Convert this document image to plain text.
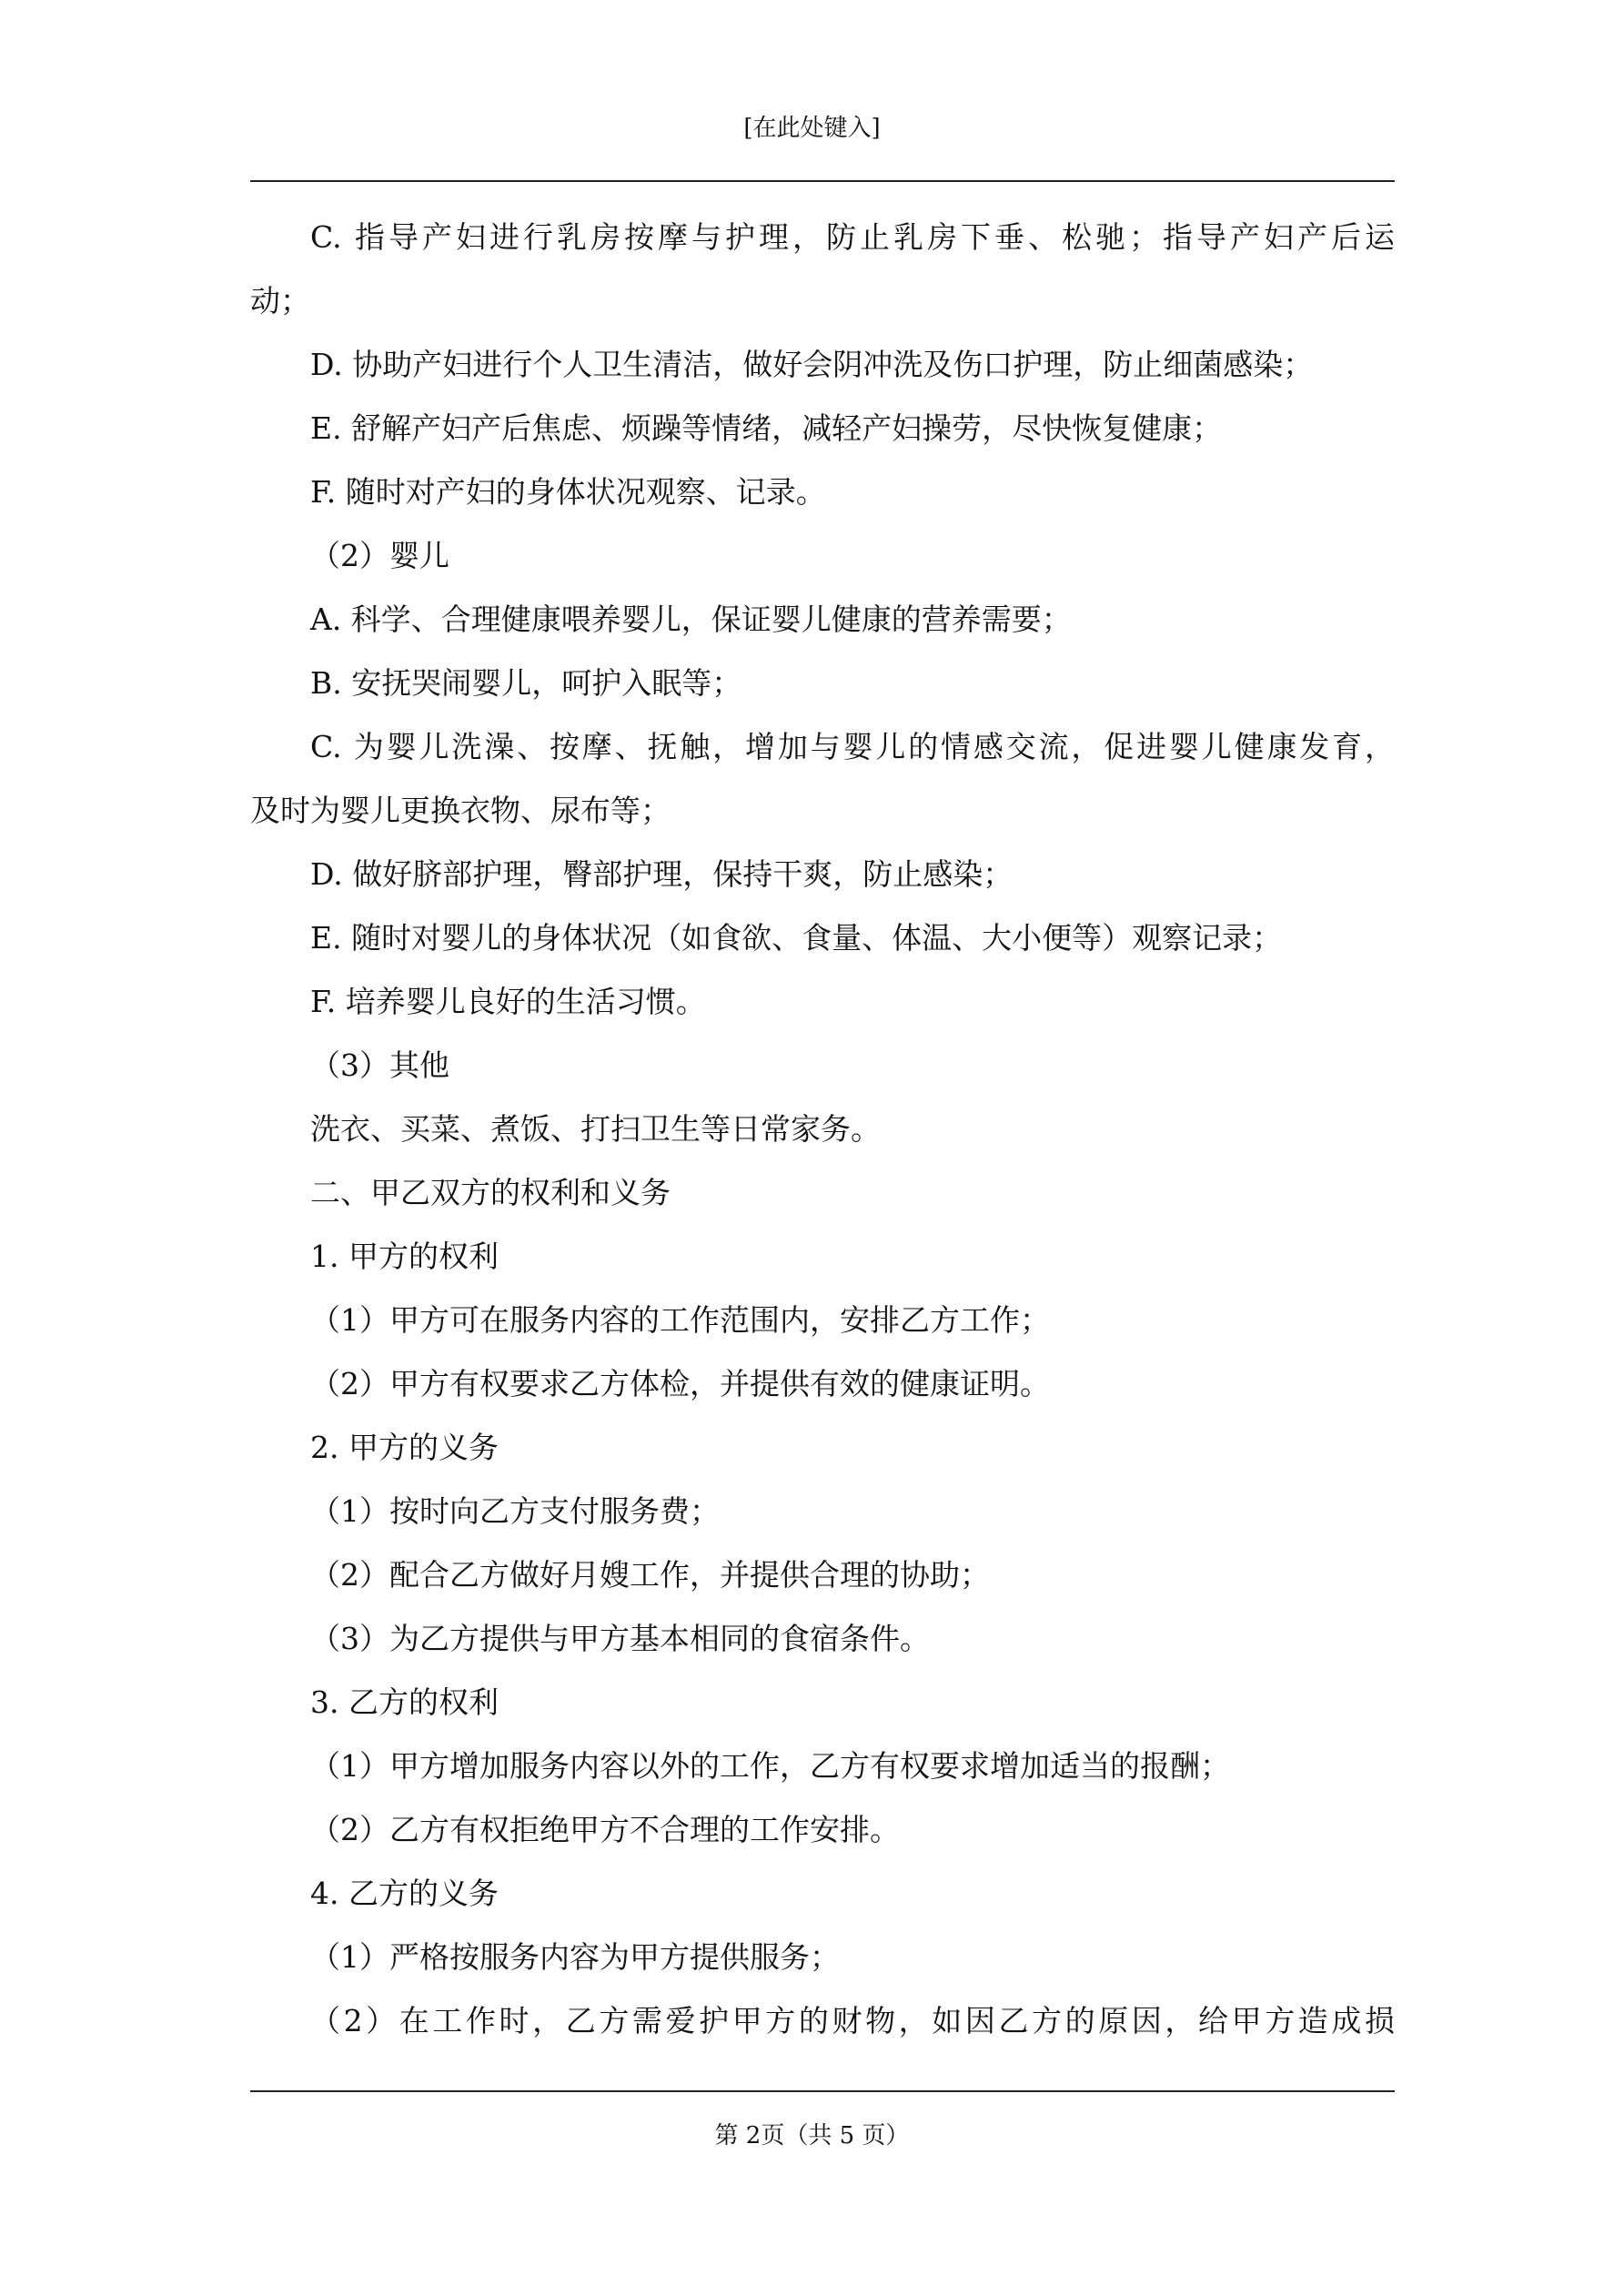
[在此处键入]
C. 指导产妇进行乳房按摩与护理，防止乳房下垂、松驰；指导产妇产后运
动；
D. 协助产妇进行个人卫生清洁，做好会阴冲洗及伤口护理，防止细菌感染；
E. 舒解产妇产后焦虑、烦躁等情绪，减轻产妇操劳，尽快恢复健康；
F. 随时对产妇的身体状况观察、记录。
（2）婴儿
A. 科学、合理健康喂养婴儿，保证婴儿健康的营养需要；
B. 安抚哭闹婴儿，呵护入眠等；
C. 为婴儿洗澡、按摩、抚触，增加与婴儿的情感交流，促进婴儿健康发育，
及时为婴儿更换衣物、尿布等；
D. 做好脐部护理，臀部护理，保持干爽，防止感染；
E. 随时对婴儿的身体状况（如食欲、食量、体温、大小便等）观察记录；
F. 培养婴儿良好的生活习惯。
（3）其他
洗衣、买菜、煮饭、打扫卫生等日常家务。
二、甲乙双方的权利和义务
1. 甲方的权利
（1）甲方可在服务内容的工作范围内，安排乙方工作；
（2）甲方有权要求乙方体检，并提供有效的健康证明。
2. 甲方的义务
（1）按时向乙方支付服务费；
（2）配合乙方做好月嫂工作，并提供合理的协助；
（3）为乙方提供与甲方基本相同的食宿条件。
3. 乙方的权利
（1）甲方增加服务内容以外的工作，乙方有权要求增加适当的报酬；
（2）乙方有权拒绝甲方不合理的工作安排。
4. 乙方的义务
（1）严格按服务内容为甲方提供服务；
（2）在工作时，乙方需爱护甲方的财物，如因乙方的原因，给甲方造成损
第 2页（共 5 页）
